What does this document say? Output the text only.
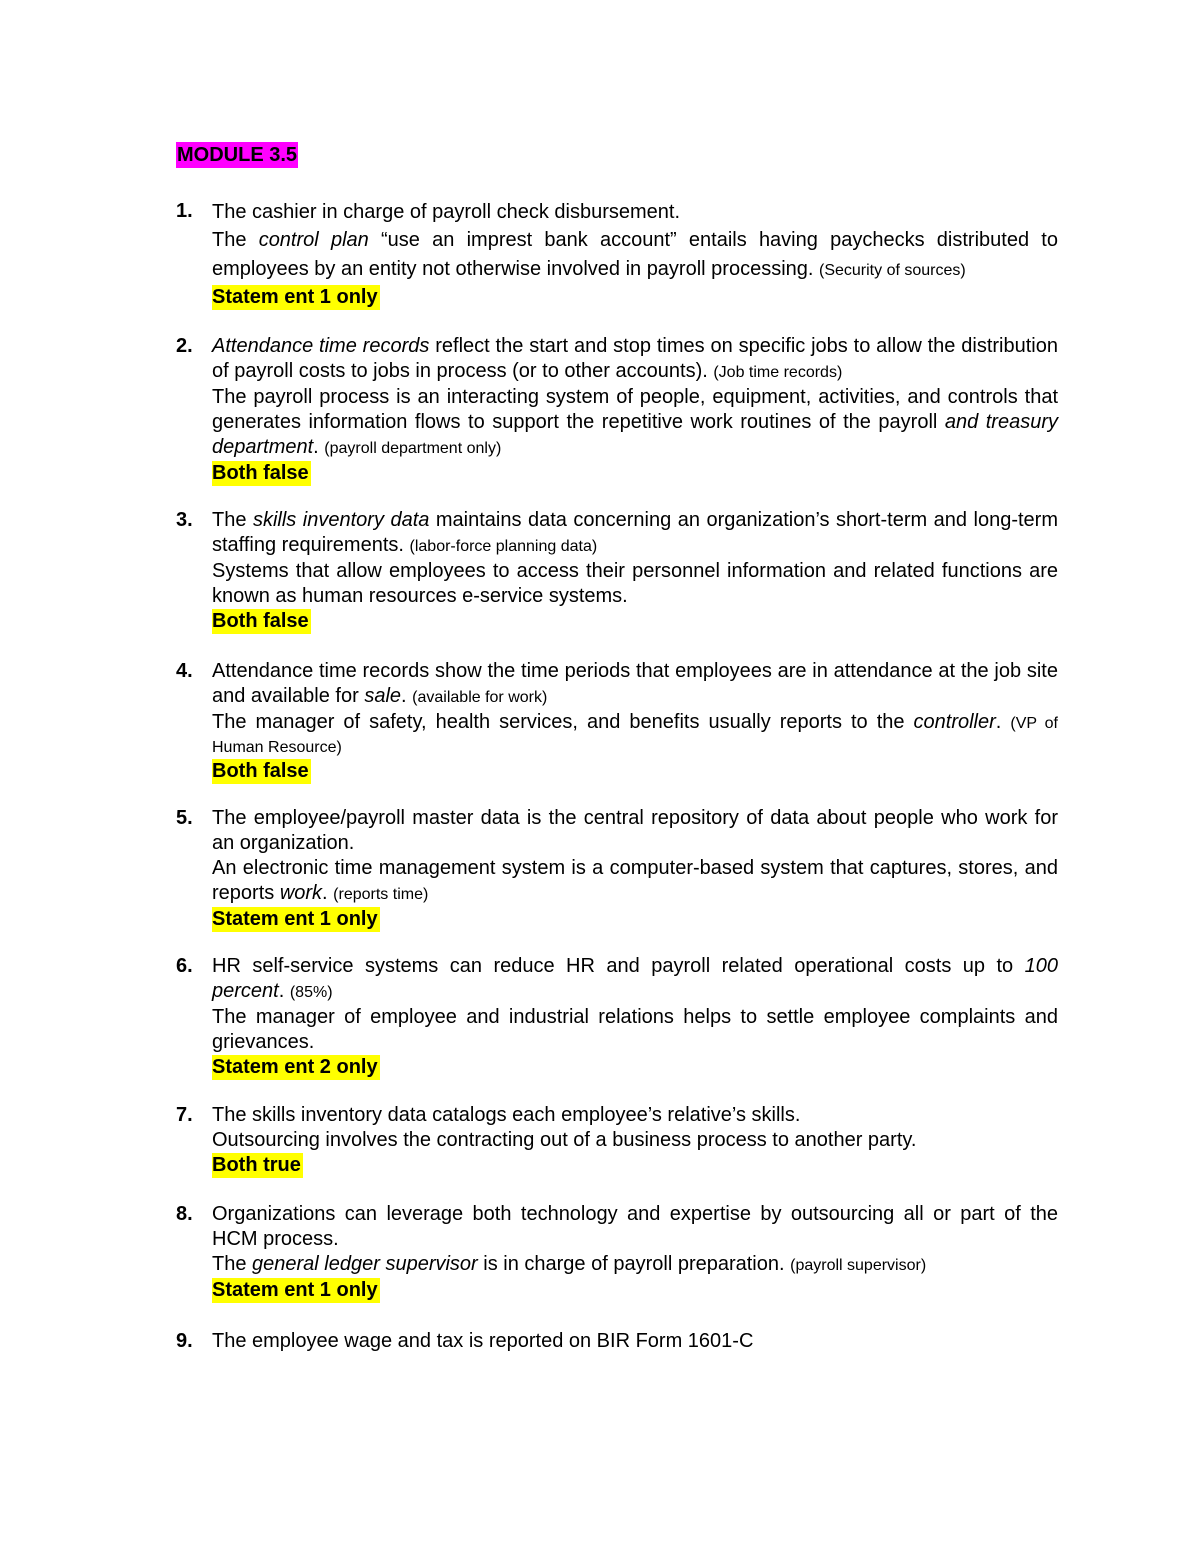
MODULE 3.5
1. The cashier in charge of payroll check disbursement.
The control plan “use an imprest bank account” entails having paychecks distributed to employees by an entity not otherwise involved in payroll processing. (Security of sources)
Statem ent 1 only
2. Attendance time records reflect the start and stop times on specific jobs to allow the distribution of payroll costs to jobs in process (or to other accounts). (Job time records)
The payroll process is an interacting system of people, equipment, activities, and controls that generates information flows to support the repetitive work routines of the payroll and treasury department. (payroll department only)
Both false
3. The skills inventory data maintains data concerning an organization’s short-term and long-term staffing requirements. (labor-force planning data)
Systems that allow employees to access their personnel information and related functions are known as human resources e-service systems.
Both false
4. Attendance time records show the time periods that employees are in attendance at the job site and available for sale. (available for work)
The manager of safety, health services, and benefits usually reports to the controller. (VP of Human Resource)
Both false
5. The employee/payroll master data is the central repository of data about people who work for an organization.
An electronic time management system is a computer-based system that captures, stores, and reports work. (reports time)
Statem ent 1 only
6. HR self-service systems can reduce HR and payroll related operational costs up to 100 percent. (85%)
The manager of employee and industrial relations helps to settle employee complaints and grievances.
Statem ent 2 only
7. The skills inventory data catalogs each employee’s relative’s skills.
Outsourcing involves the contracting out of a business process to another party.
Both true
8. Organizations can leverage both technology and expertise by outsourcing all or part of the HCM process.
The general ledger supervisor is in charge of payroll preparation. (payroll supervisor)
Statem ent 1 only
9. The employee wage and tax is reported on BIR Form 1601-C
